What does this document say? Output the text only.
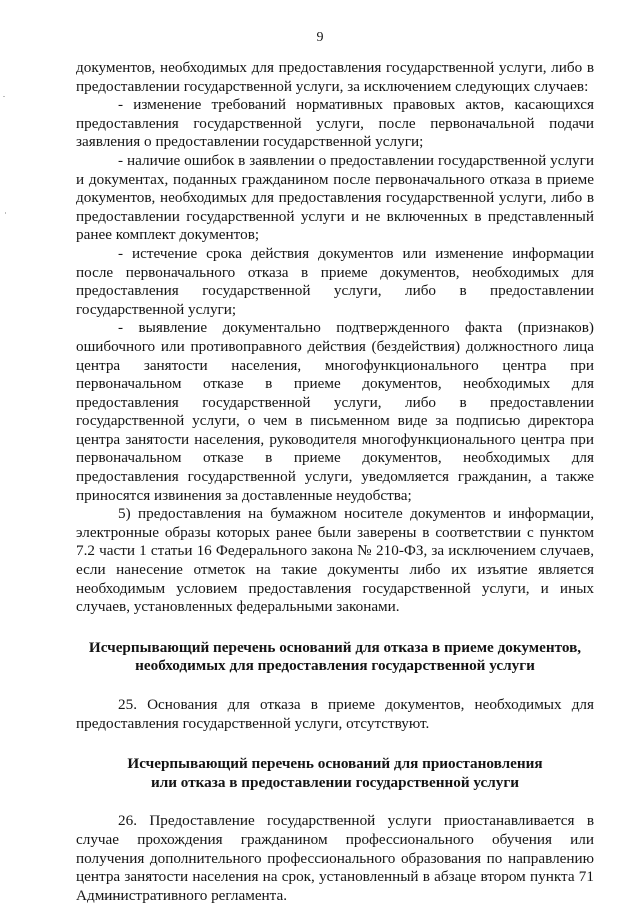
9

документов, необходимых для предоставления государственной услуги, либо в предоставлении государственной услуги, за исключением следующих случаев:

- изменение требований нормативных правовых актов, касающихся предоставления государственной услуги, после первоначальной подачи заявления о предоставлении государственной услуги;

- наличие ошибок в заявлении о предоставлении государственной услуги и документах, поданных гражданином после первоначального отказа в приеме документов, необходимых для предоставления государственной услуги, либо в предоставлении государственной услуги и не включенных в представленный ранее комплект документов;

- истечение срока действия документов или изменение информации после первоначального отказа в приеме документов, необходимых для предоставления государственной услуги, либо в предоставлении государственной услуги;

- выявление документально подтвержденного факта (признаков) ошибочного или противоправного действия (бездействия) должностного лица центра занятости населения, многофункционального центра при первоначальном отказе в приеме документов, необходимых для предоставления государственной услуги, либо в предоставлении государственной услуги, о чем в письменном виде за подписью директора центра занятости населения, руководителя многофункционального центра при первоначальном отказе в приеме документов, необходимых для предоставления государственной услуги, уведомляется гражданин, а также приносятся извинения за доставленные неудобства;

5) предоставления на бумажном носителе документов и информации, электронные образы которых ранее были заверены в соответствии с пунктом 7.2 части 1 статьи 16 Федерального закона № 210-ФЗ, за исключением случаев, если нанесение отметок на такие документы либо их изъятие является необходимым условием предоставления государственной услуги, и иных случаев, установленных федеральными законами.

Исчерпывающий перечень оснований для отказа в приеме документов,

необходимых для предоставления государственной услуги

25. Основания для отказа в приеме документов, необходимых для предоставления государственной услуги, отсутствуют.

Исчерпывающий перечень оснований для приостановления

или отказа в предоставлении государственной услуги

26. Предоставление государственной услуги приостанавливается в случае прохождения гражданином профессионального обучения или получения дополнительного профессионального образования по направлению центра занятости населения на срок, установленный в абзаце втором пункта 71 Административного регламента.
